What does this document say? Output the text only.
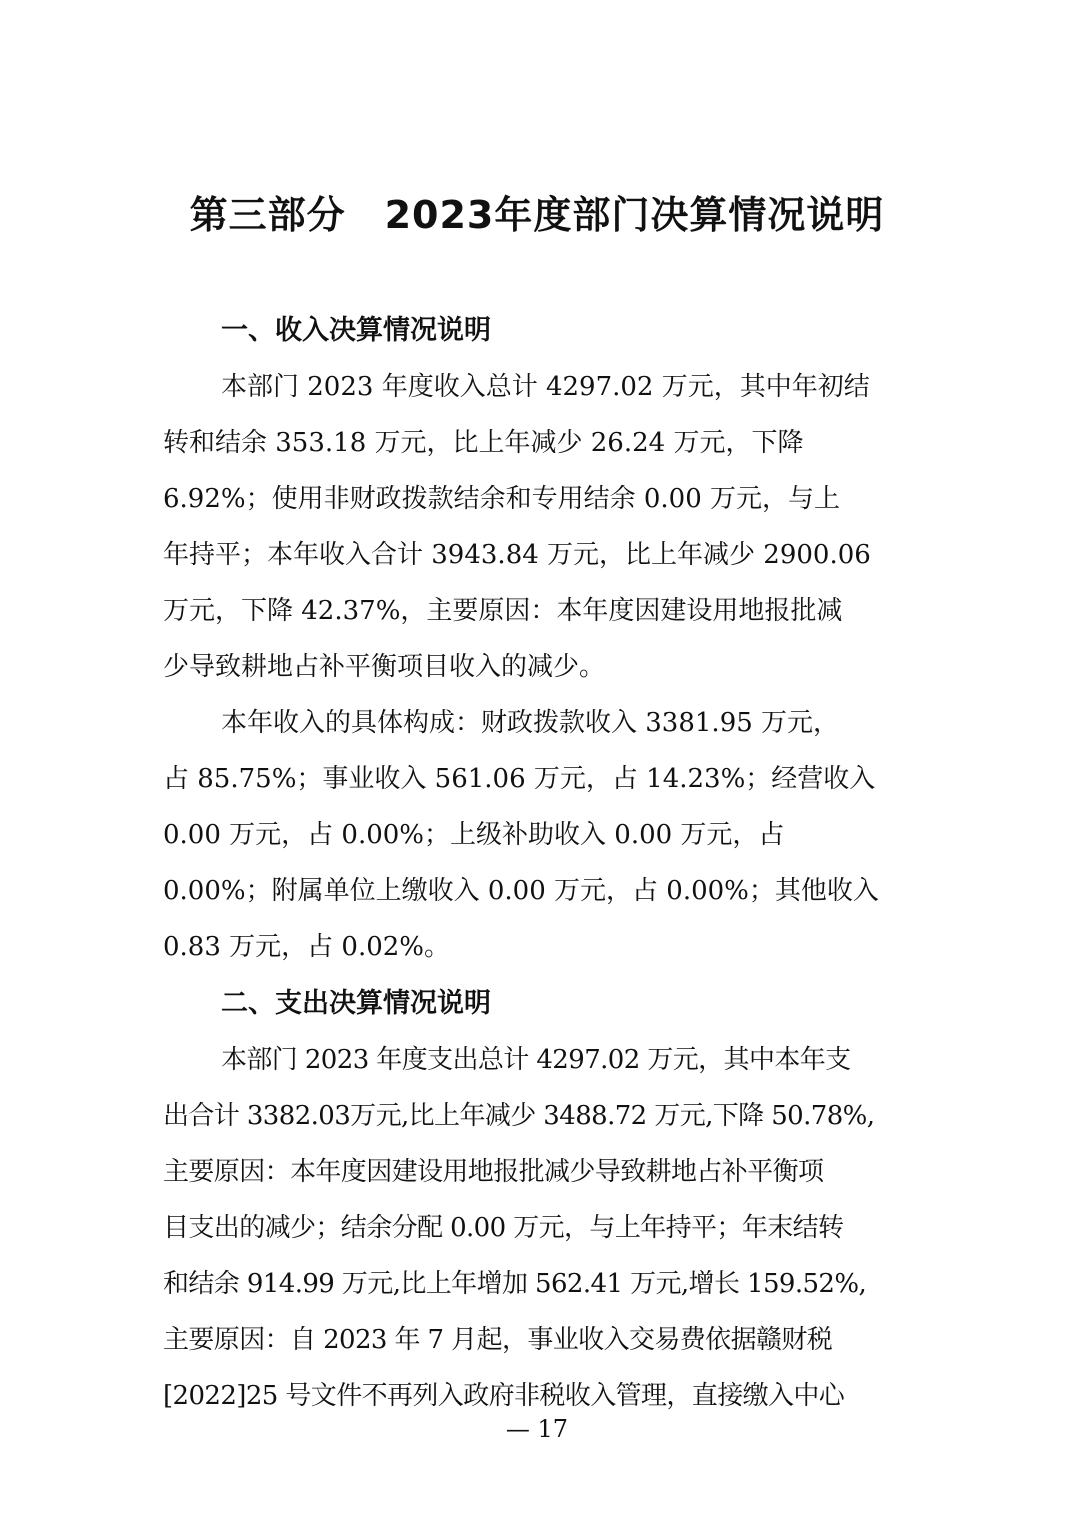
第三部分　2023年度部门决算情况说明
一、收入决算情况说明

本部门 2023 年度收入总计 4297.02 万元，其中年初结
转和结余 353.18 万元，比上年减少 26.24 万元，下降
6.92%；使用非财政拨款结余和专用结余 0.00 万元，与上
年持平；本年收入合计 3943.84 万元，比上年减少 2900.06
万元，下降 42.37%，主要原因：本年度因建设用地报批减
少导致耕地占补平衡项目收入的减少。

本年收入的具体构成：财政拨款收入 3381.95 万元，
占 85.75%；事业收入 561.06 万元，占 14.23%；经营收入
0.00 万元，占 0.00%；上级补助收入 0.00 万元，占
0.00%；附属单位上缴收入 0.00 万元，占 0.00%；其他收入
0.83 万元，占 0.02%。

二、支出决算情况说明

本部门 2023 年度支出总计 4297.02 万元，其中本年支
出合计 3382.03万元,比上年减少 3488.72 万元,下降 50.78%,
主要原因：本年度因建设用地报批减少导致耕地占补平衡项
目支出的减少；结余分配 0.00 万元，与上年持平；年末结转
和结余 914.99 万元,比上年增加 562.41 万元,增长 159.52%,
主要原因：自 2023 年 7 月起，事业收入交易费依据赣财税
[2022]25 号文件不再列入政府非税收入管理，直接缴入中心

— 17
